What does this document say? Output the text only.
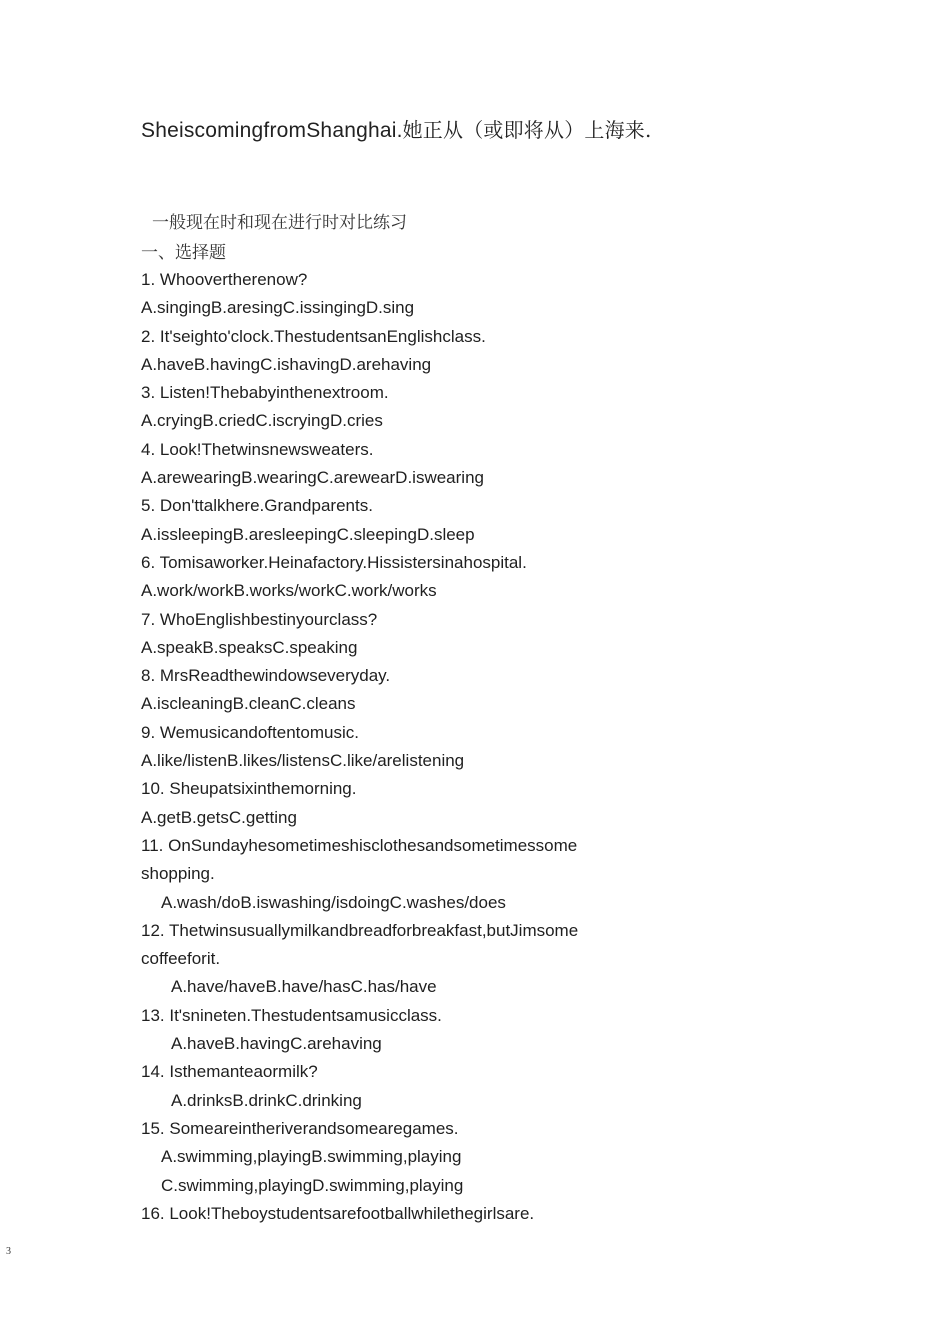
SheiscomingfromShanghai.她正从（或即将从）上海来.
一般现在时和现在进行时对比练习
一、选择题
1. Whoovertherenow?
A.singingB.aresingC.issingingD.sing
2. It'seighto'clock.ThestudentsanEnglishclass.
A.haveB.havingC.ishavingD.arehaving
3. Listen!Thebabyinthenextroom.
A.cryingB.criedC.iscryingD.cries
4. Look!Thetwinsnewsweaters.
A.arewearingB.wearingC.arewearD.iswearing
5. Don'ttalkhere.Grandparents.
A.issleepingB.aresleepingC.sleepingD.sleep
6. Tomisaworker.Heinafactory.Hissistersinahospital.
A.work/workB.works/workC.work/works
7. WhoEnglishbestinyourclass?
A.speakB.speaksC.speaking
8. MrsReadthewindowseveryday.
A.iscleaningB.cleanC.cleans
9. Wemusicandoftentomusic.
A.like/listenB.likes/listensC.like/arelistening
10. Sheupatsixinthemorning.
A.getB.getsC.getting
11. OnSundayhesometimeshisclothesandsometimessome
shopping.
A.wash/doB.iswashing/isdoingC.washes/does
12. Thetwinsusuallymilkandbreadforbreakfast,butJimsome
coffeeforit.
A.have/haveB.have/hasC.has/have
13. It'snineten.Thestudentsamusicclass.
A.haveB.havingC.arehaving
14. Isthemanteaormilk?
A.drinksB.drinkC.drinking
15. Someareintheriverandsomearegames.
A.swimming,playingB.swimming,playing
C.swimming,playingD.swimming,playing
16. Look!Theboystudentsarefootballwhilethegirlsare.
3
